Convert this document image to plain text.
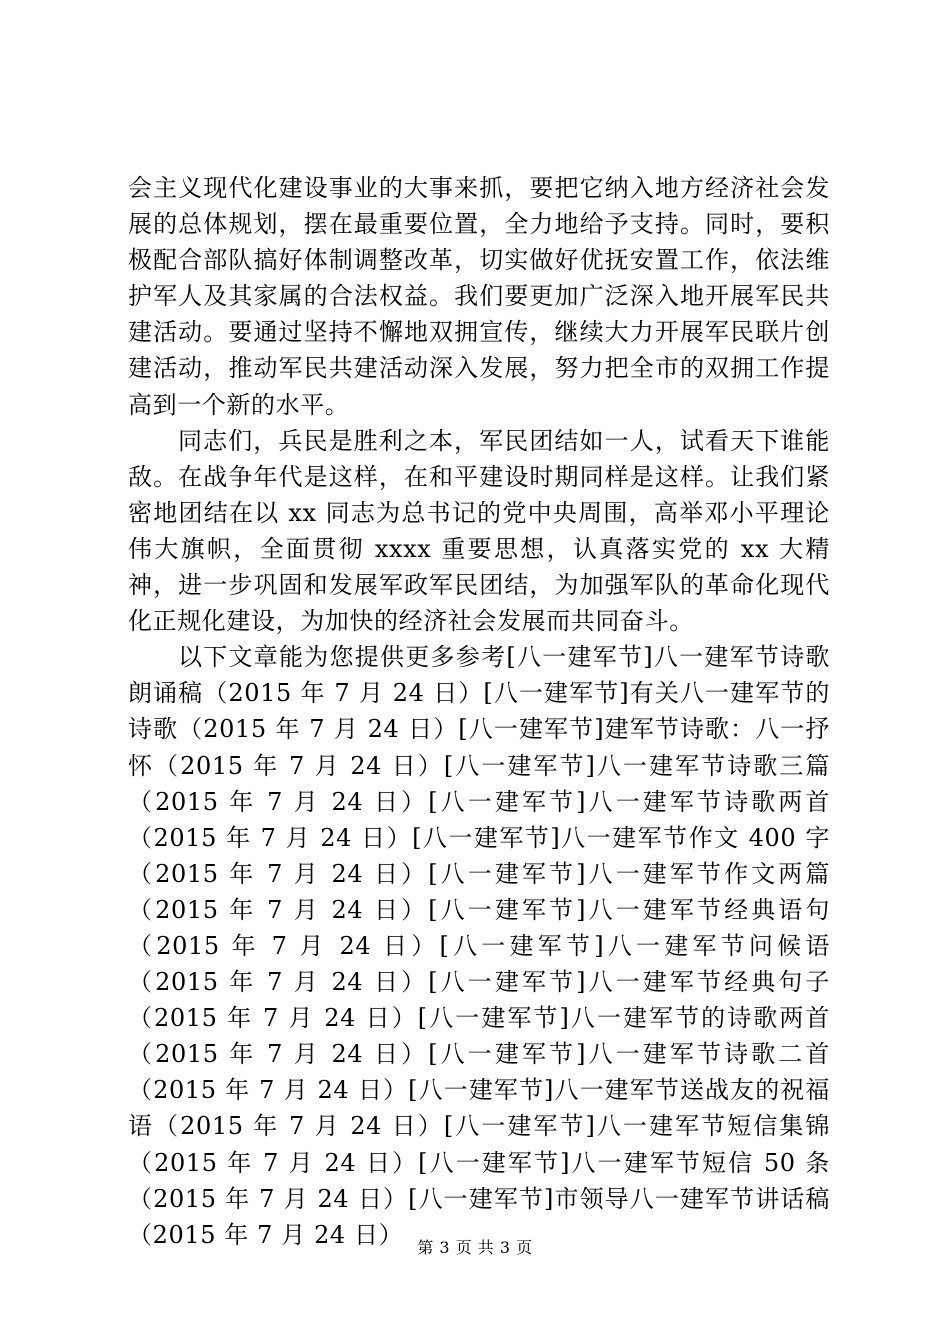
会主义现代化建设事业的大事来抓，要把它纳入地方经济社会发展的总体规划，摆在最重要位置，全力地给予支持。同时，要积极配合部队搞好体制调整改革，切实做好优抚安置工作，依法维护军人及其家属的合法权益。我们要更加广泛深入地开展军民共建活动。要通过坚持不懈地双拥宣传，继续大力开展军民联片创建活动，推动军民共建活动深入发展，努力把全市的双拥工作提高到一个新的水平。

同志们，兵民是胜利之本，军民团结如一人，试看天下谁能敌。在战争年代是这样，在和平建设时期同样是这样。让我们紧密地团结在以 xx 同志为总书记的党中央周围，高举邓小平理论伟大旗帜，全面贯彻 xxxx 重要思想，认真落实党的 xx 大精神，进一步巩固和发展军政军民团结，为加强军队的革命化现代化正规化建设，为加快的经济社会发展而共同奋斗。

以下文章能为您提供更多参考[八一建军节]八一建军节诗歌朗诵稿（2015 年 7 月 24 日）[八一建军节]有关八一建军节的诗歌（2015 年 7 月 24 日）[八一建军节]建军节诗歌：八一抒怀（2015 年 7 月 24 日）[八一建军节]八一建军节诗歌三篇（2015 年 7 月 24 日）[八一建军节]八一建军节诗歌两首（2015 年 7 月 24 日）[八一建军节]八一建军节作文 400 字（2015 年 7 月 24 日）[八一建军节]八一建军节作文两篇（2015 年 7 月 24 日）[八一建军节]八一建军节经典语句（2015 年 7 月 24 日）[八一建军节]八一建军节问候语（2015 年 7 月 24 日）[八一建军节]八一建军节经典句子（2015 年 7 月 24 日）[八一建军节]八一建军节的诗歌两首（2015 年 7 月 24 日）[八一建军节]八一建军节诗歌二首（2015 年 7 月 24 日）[八一建军节]八一建军节送战友的祝福语（2015 年 7 月 24 日）[八一建军节]八一建军节短信集锦（2015 年 7 月 24 日）[八一建军节]八一建军节短信 50 条（2015 年 7 月 24 日）[八一建军节]市领导八一建军节讲话稿（2015 年 7 月 24 日） 第 3 页 共 3 页
